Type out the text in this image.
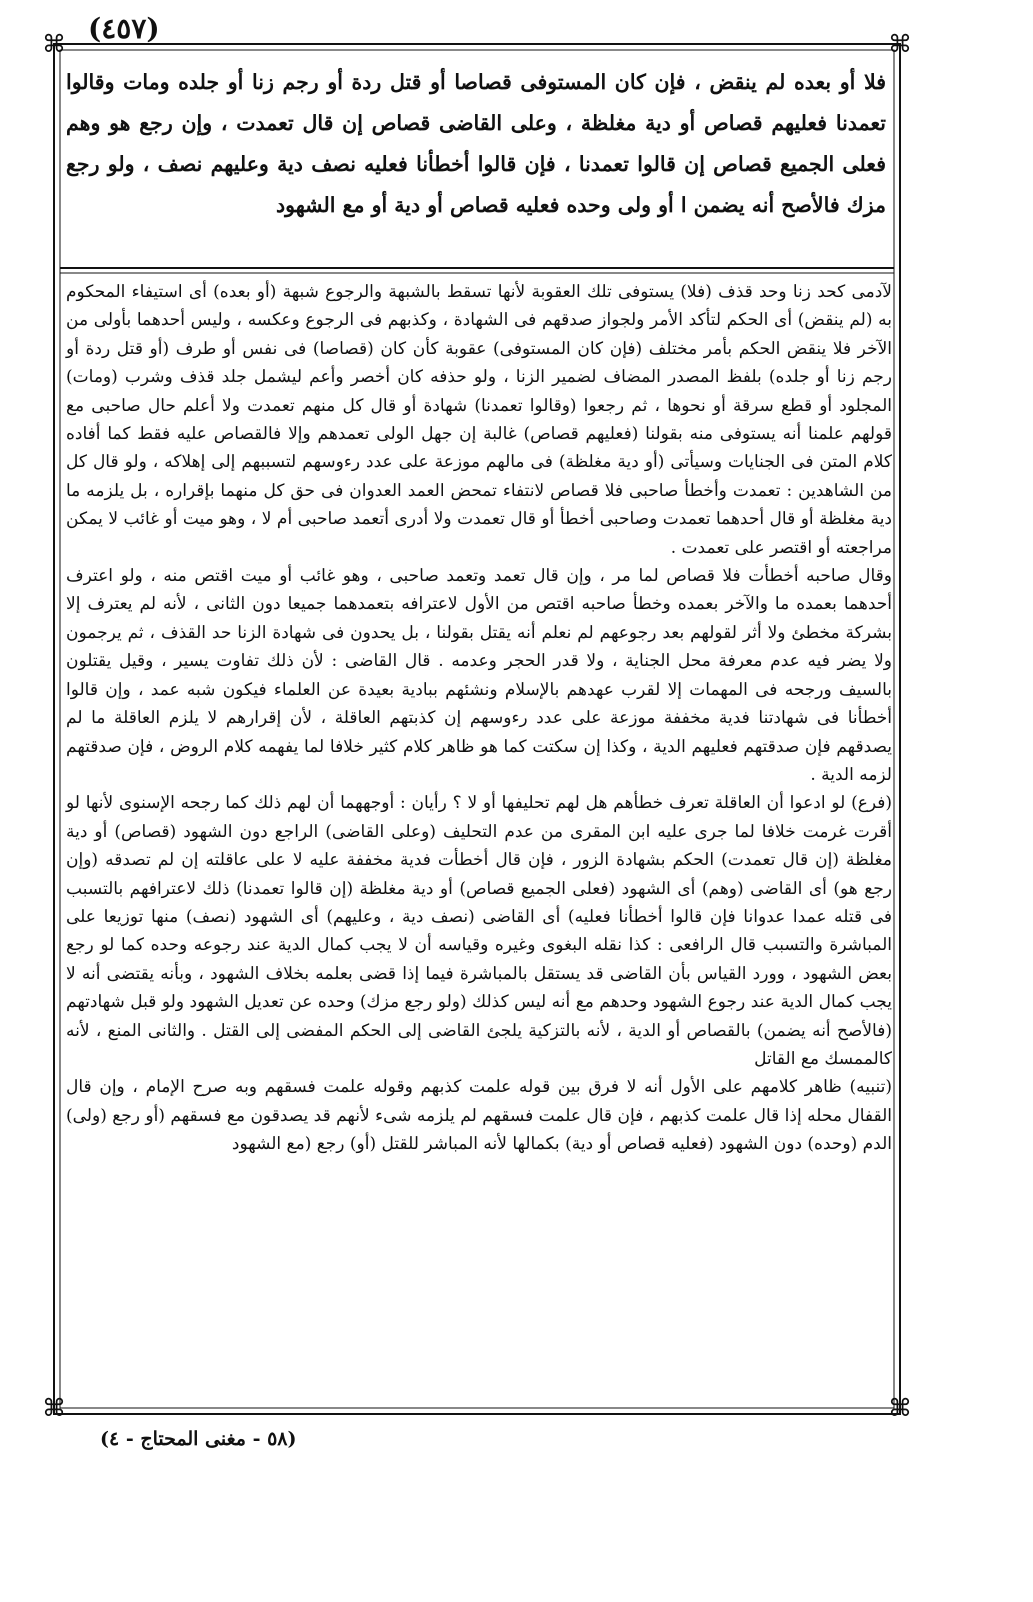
(٤٥٧)
⌘	⌘
⌘	⌘

فلا أو بعده لم ينقض ، فإن كان المستوفى قصاصا أو قتل ردة أو رجم زنا أو جلده ومات وقالوا تعمدنا فعليهم قصاص أو دية مغلظة ، وعلى القاضى قصاص إن قال تعمدت ، وإن رجع هو وهم فعلى الجميع قصاص إن قالوا تعمدنا ، فإن قالوا أخطأنا فعليه نصف دية وعليهم نصف ، ولو رجع مزك فالأصح أنه يضمن ا أو ولى وحده فعليه قصاص أو دية أو مع الشهود

لآدمى كحد زنا وحد قذف (فلا) يستوفى تلك العقوبة لأنها تسقط بالشبهة والرجوع شبهة (أو بعده) أى استيفاء المحكوم به (لم ينقض) أى الحكم لتأكد الأمر ولجواز صدقهم فى الشهادة ، وكذبهم فى الرجوع وعكسه ، وليس أحدهما بأولى من الآخر فلا ينقض الحكم بأمر مختلف (فإن كان المستوفى) عقوبة كأن كان (قصاصا) فى نفس أو طرف (أو قتل ردة أو رجم زنا أو جلده) بلفظ المصدر المضاف لضمير الزنا ، ولو حذفه كان أخصر وأعم ليشمل جلد قذف وشرب (ومات) المجلود أو قطع سرقة أو نحوها ، ثم رجعوا (وقالوا تعمدنا) شهادة أو قال كل منهم تعمدت ولا أعلم حال صاحبى مع قولهم علمنا أنه يستوفى منه بقولنا (فعليهم قصاص) غالبة إن جهل الولى تعمدهم وإلا فالقصاص عليه فقط كما أفاده كلام المتن فى الجنايات وسيأتى (أو دية مغلظة) فى مالهم موزعة على عدد رءوسهم لتسببهم إلى إهلاكه ، ولو قال كل من الشاهدين : تعمدت وأخطأ صاحبى فلا قصاص لانتفاء تمحض العمد العدوان فى حق كل منهما بإقراره ، بل يلزمه ما دية مغلظة أو قال أحدهما تعمدت وصاحبى أخطأ أو قال تعمدت ولا أدرى أتعمد صاحبى أم لا ، وهو ميت أو غائب لا يمكن مراجعته أو اقتصر على تعمدت .

وقال صاحبه أخطأت فلا قصاص لما مر ، وإن قال تعمد وتعمد صاحبى ، وهو غائب أو ميت اقتص منه ، ولو اعترف أحدهما بعمده ما والآخر بعمده وخطأ صاحبه اقتص من الأول لاعترافه بتعمدهما جميعا دون الثانى ، لأنه لم يعترف إلا بشركة مخطئ ولا أثر لقولهم بعد رجوعهم لم نعلم أنه يقتل بقولنا ، بل يحدون فى شهادة الزنا حد القذف ، ثم يرجمون ولا يضر فيه عدم معرفة محل الجناية ، ولا قدر الحجر وعدمه . قال القاضى : لأن ذلك تفاوت يسير ، وقيل يقتلون بالسيف ورجحه فى المهمات إلا لقرب عهدهم بالإسلام ونشئهم ببادية بعيدة عن العلماء فيكون شبه عمد ، وإن قالوا أخطأنا فى شهادتنا فدية مخففة موزعة على عدد رءوسهم إن كذبتهم العاقلة ، لأن إقرارهم لا يلزم العاقلة ما لم يصدقهم فإن صدقتهم فعليهم الدية ، وكذا إن سكتت كما هو ظاهر كلام كثير خلافا لما يفهمه كلام الروض ، فإن صدقتهم لزمه الدية .

(فرع) لو ادعوا أن العاقلة تعرف خطأهم هل لهم تحليفها أو لا ؟ رأيان : أوجههما أن لهم ذلك كما رجحه الإسنوى لأنها لو أقرت غرمت خلافا لما جرى عليه ابن المقرى من عدم التحليف (وعلى القاضى) الراجع دون الشهود (قصاص) أو دية مغلظة (إن قال تعمدت) الحكم بشهادة الزور ، فإن قال أخطأت فدية مخففة عليه لا على عاقلته إن لم تصدقه (وإن رجع هو) أى القاضى (وهم) أى الشهود (فعلى الجميع قصاص) أو دية مغلظة (إن قالوا تعمدنا) ذلك لاعترافهم بالتسبب فى قتله عمدا عدوانا فإن قالوا أخطأنا فعليه) أى القاضى (نصف دية ، وعليهم) أى الشهود (نصف) منها توزيعا على المباشرة والتسبب قال الرافعى : كذا نقله البغوى وغيره وقياسه أن لا يجب كمال الدية عند رجوعه وحده كما لو رجع بعض الشهود ، وورد القياس بأن القاضى قد يستقل بالمباشرة فيما إذا قضى بعلمه بخلاف الشهود ، وبأنه يقتضى أنه لا يجب كمال الدية عند رجوع الشهود وحدهم مع أنه ليس كذلك (ولو رجع مزك) وحده عن تعديل الشهود ولو قبل شهادتهم (فالأصح أنه يضمن) بالقصاص أو الدية ، لأنه بالتزكية يلجئ القاضى إلى الحكم المفضى إلى القتل . والثانى المنع ، لأنه كالممسك مع القاتل

(تنبيه) ظاهر كلامهم على الأول أنه لا فرق بين قوله علمت كذبهم وقوله علمت فسقهم وبه صرح الإمام ، وإن قال القفال محله إذا قال علمت كذبهم ، فإن قال علمت فسقهم لم يلزمه شىء لأنهم قد يصدقون مع فسقهم (أو رجع (ولى) الدم (وحده) دون الشهود (فعليه قصاص أو دية) بكمالها لأنه المباشر للقتل (أو) رجع (مع الشهود

(٥٨ - مغنى المحتاج - ٤)
